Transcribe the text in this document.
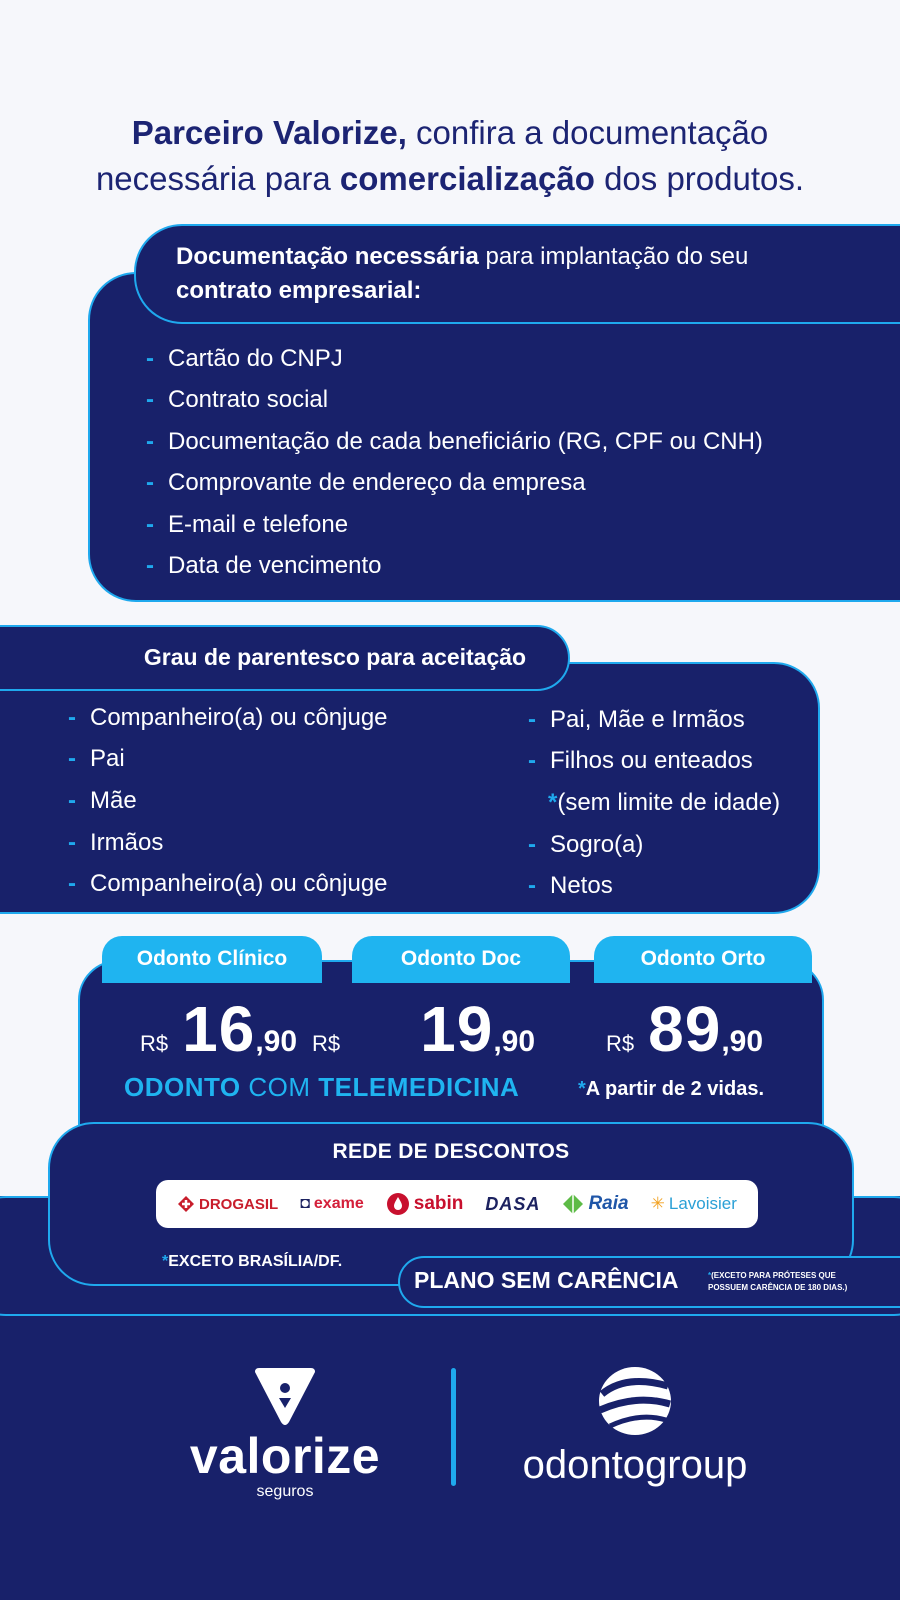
Parceiro Valorize, confira a documentação
necessária para comercialização dos produtos.
Documentação necessária para implantação do seu
contrato empresarial:
- Cartão do CNPJ
- Contrato social
- Documentação de cada beneficiário (RG, CPF ou CNH)
- Comprovante de endereço da empresa
- E-mail e telefone
- Data de vencimento
Grau de parentesco para aceitação
- Companheiro(a) ou cônjuge
- Pai
- Mãe
- Irmãos
- Companheiro(a) ou cônjuge
- Pai, Mãe e Irmãos
- Filhos ou enteados
* (sem limite de idade)
- Sogro(a)
- Netos
Odonto Clínico	Odonto Doc	Odonto Orto
R$ 16 ,90 R$ 19 ,90	R$ 89 ,90
ODONTO COM TELEMEDICINA	*A partir de 2 vidas.
REDE DE DESCONTOS
DROGASIL ◘ exame	sabin DASA	Raia ✳ Lavoisier
*EXCETO BRASÍLIA/DF.
PLANO SEM CARÊNCIA	*(EXCETO PARA PRÓTESES QUE POSSUEM CARÊNCIA DE 180 DIAS.)
valorize
seguros
odontogroup
